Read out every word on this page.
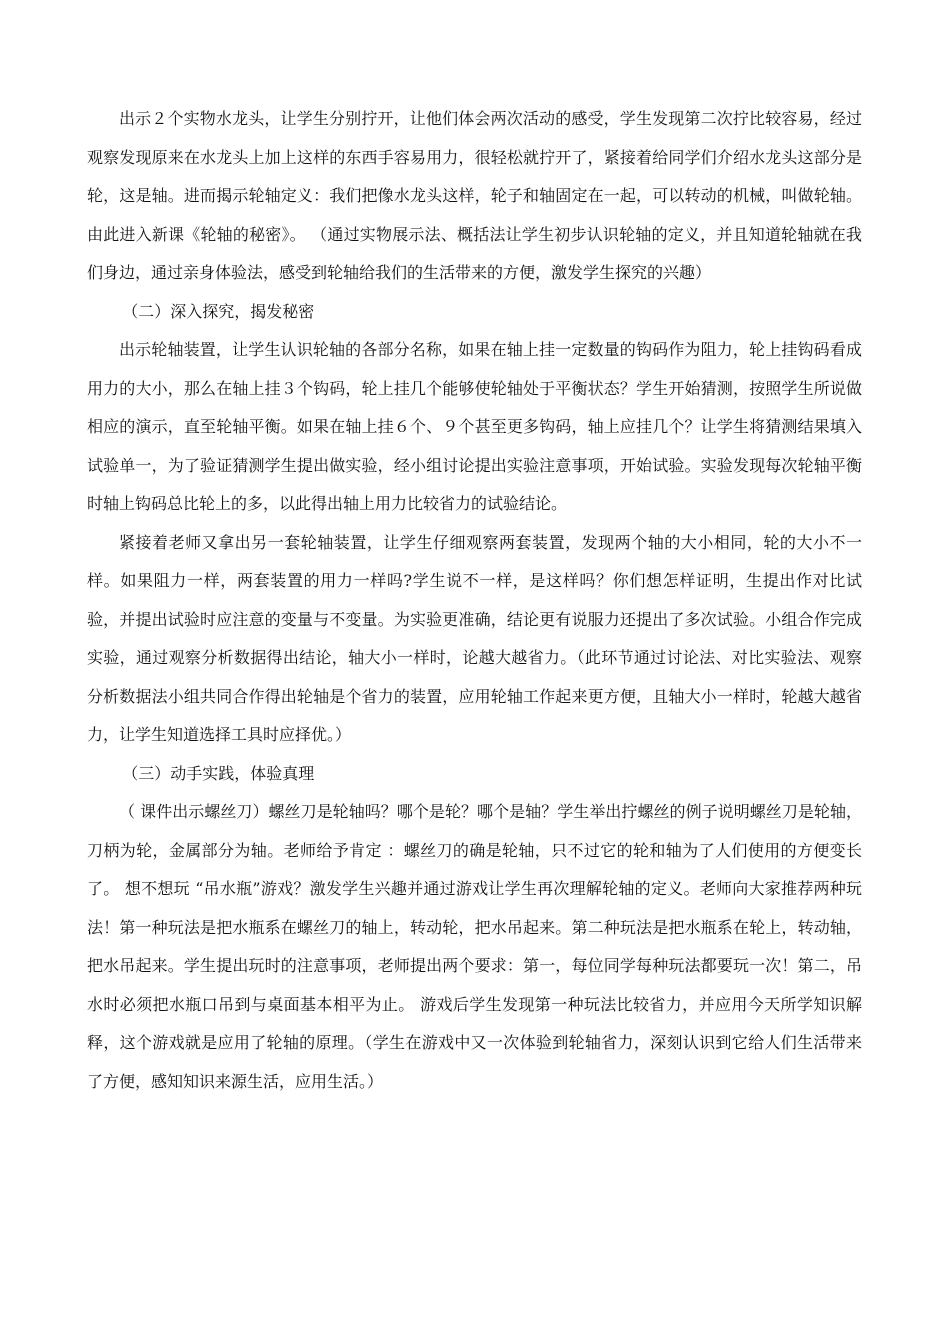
出示２个实物水龙头，让学生分别拧开，让他们体会两次活动的感受，学生发现第二次拧比较容易，经过观察发现原来在水龙头上加上这样的东西手容易用力，很轻松就拧开了，紧接着给同学们介绍水龙头这部分是轮，这是轴。进而揭示轮轴定义：我们把像水龙头这样，轮子和轴固定在一起，可以转动的机械，叫做轮轴。由此进入新课《轮轴的秘密》。 （通过实物展示法、概括法让学生初步认识轮轴的定义，并且知道轮轴就在我们身边，通过亲身体验法，感受到轮轴给我们的生活带来的方便，激发学生探究的兴趣）

（二）深入探究，揭发秘密

出示轮轴装置，让学生认识轮轴的各部分名称，如果在轴上挂一定数量的钩码作为阻力，轮上挂钩码看成用力的大小，那么在轴上挂３个钩码，轮上挂几个能够使轮轴处于平衡状态？学生开始猜测，按照学生所说做相应的演示，直至轮轴平衡。如果在轴上挂６个、９个甚至更多钩码，轴上应挂几个？让学生将猜测结果填入试验单一，为了验证猜测学生提出做实验，经小组讨论提出实验注意事项，开始试验。实验发现每次轮轴平衡时轴上钩码总比轮上的多，以此得出轴上用力比较省力的试验结论。

紧接着老师又拿出另一套轮轴装置，让学生仔细观察两套装置，发现两个轴的大小相同，轮的大小不一样。如果阻力一样，两套装置的用力一样吗?学生说不一样，是这样吗？你们想怎样证明，生提出作对比试验，并提出试验时应注意的变量与不变量。为实验更准确，结论更有说服力还提出了多次试验。小组合作完成实验，通过观察分析数据得出结论，轴大小一样时，论越大越省力。（此环节通过讨论法、对比实验法、观察分析数据法小组共同合作得出轮轴是个省力的装置，应用轮轴工作起来更方便，且轴大小一样时，轮越大越省力，让学生知道选择工具时应择优。）

（三）动手实践，体验真理

（ 课件出示螺丝刀）螺丝刀是轮轴吗？哪个是轮？哪个是轴？学生举出拧螺丝的例子说明螺丝刀是轮轴，刀柄为轮，金属部分为轴。老师给予肯定 ：螺丝刀的确是轮轴，只不过它的轮和轴为了人们使用的方便变长了。 想不想玩 “吊水瓶”游戏？激发学生兴趣并通过游戏让学生再次理解轮轴的定义。老师向大家推荐两种玩法！第一种玩法是把水瓶系在螺丝刀的轴上，转动轮，把水吊起来。第二种玩法是把水瓶系在轮上，转动轴，把水吊起来。学生提出玩时的注意事项，老师提出两个要求：第一，每位同学每种玩法都要玩一次！第二，吊水时必须把水瓶口吊到与桌面基本相平为止。 游戏后学生发现第一种玩法比较省力，并应用今天所学知识解释，这个游戏就是应用了轮轴的原理。（学生在游戏中又一次体验到轮轴省力，深刻认识到它给人们生活带来了方便，感知知识来源生活，应用生活。）
